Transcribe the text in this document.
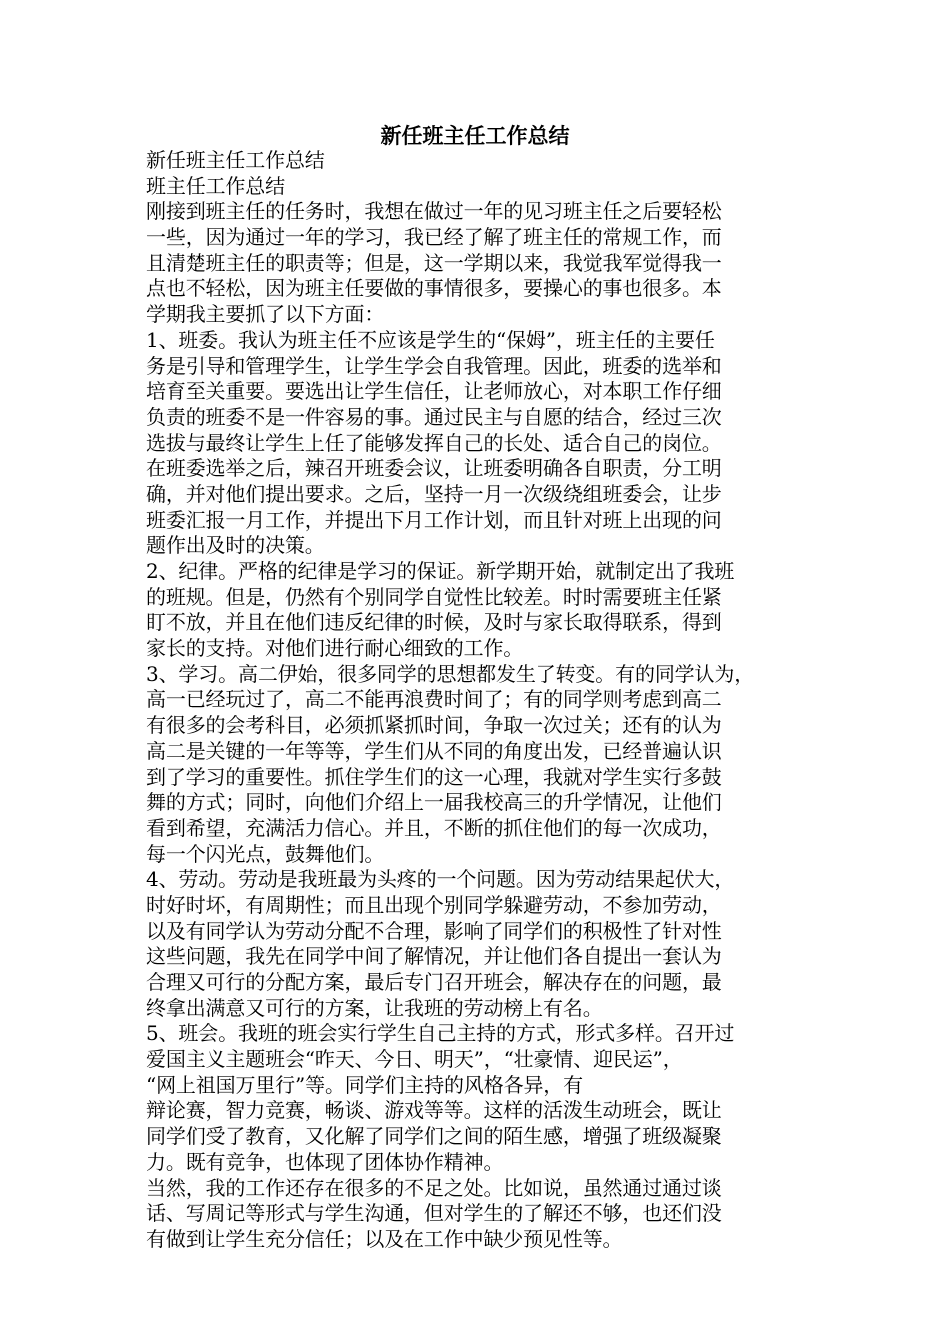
新任班主任工作总结
新任班主任工作总结
班主任工作总结
刚接到班主任的任务时，我想在做过一年的见习班主任之后要轻松
一些，因为通过一年的学习，我已经了解了班主任的常规工作，而
且清楚班主任的职责等；但是，这一学期以来，我觉我军觉得我一
点也不轻松，因为班主任要做的事情很多，要操心的事也很多。本
学期我主要抓了以下方面：
1、班委。我认为班主任不应该是学生的“保姆”，班主任的主要任
务是引导和管理学生，让学生学会自我管理。因此，班委的选举和
培育至关重要。要选出让学生信任，让老师放心，对本职工作仔细
负责的班委不是一件容易的事。通过民主与自愿的结合，经过三次
选拔与最终让学生上任了能够发挥自己的长处、适合自己的岗位。
在班委选举之后，辣召开班委会议，让班委明确各自职责，分工明
确，并对他们提出要求。之后，坚持一月一次级绕组班委会，让步
班委汇报一月工作，并提出下月工作计划，而且针对班上出现的问
题作出及时的决策。
2、纪律。严格的纪律是学习的保证。新学期开始，就制定出了我班
的班规。但是，仍然有个别同学自觉性比较差。时时需要班主任紧
盯不放，并且在他们违反纪律的时候，及时与家长取得联系，得到
家长的支持。对他们进行耐心细致的工作。
3、学习。高二伊始，很多同学的思想都发生了转变。有的同学认为，
高一已经玩过了，高二不能再浪费时间了；有的同学则考虑到高二
有很多的会考科目，必须抓紧抓时间，争取一次过关；还有的认为
高二是关键的一年等等，学生们从不同的角度出发，已经普遍认识
到了学习的重要性。抓住学生们的这一心理，我就对学生实行多鼓
舞的方式；同时，向他们介绍上一届我校高三的升学情况，让他们
看到希望，充满活力信心。并且，不断的抓住他们的每一次成功，
每一个闪光点，鼓舞他们。
4、劳动。劳动是我班最为头疼的一个问题。因为劳动结果起伏大，
时好时坏，有周期性；而且出现个别同学躲避劳动，不参加劳动，
以及有同学认为劳动分配不合理，影响了同学们的积极性了针对性
这些问题，我先在同学中间了解情况，并让他们各自提出一套认为
合理又可行的分配方案，最后专门召开班会，解决存在的问题，最
终拿出满意又可行的方案，让我班的劳动榜上有名。
5、班会。我班的班会实行学生自己主持的方式，形式多样。召开过
爱国主义主题班会“昨天、今日、明天”，“壮豪情、迎民运”，
“网上祖国万里行”等。同学们主持的风格各异，有
辩论赛，智力竞赛，畅谈、游戏等等。这样的活泼生动班会，既让
同学们受了教育，又化解了同学们之间的陌生感，增强了班级凝聚
力。既有竞争，也体现了团体协作精神。
当然，我的工作还存在很多的不足之处。比如说，虽然通过通过谈
话、写周记等形式与学生沟通，但对学生的了解还不够，也还们没
有做到让学生充分信任；以及在工作中缺少预见性等。
